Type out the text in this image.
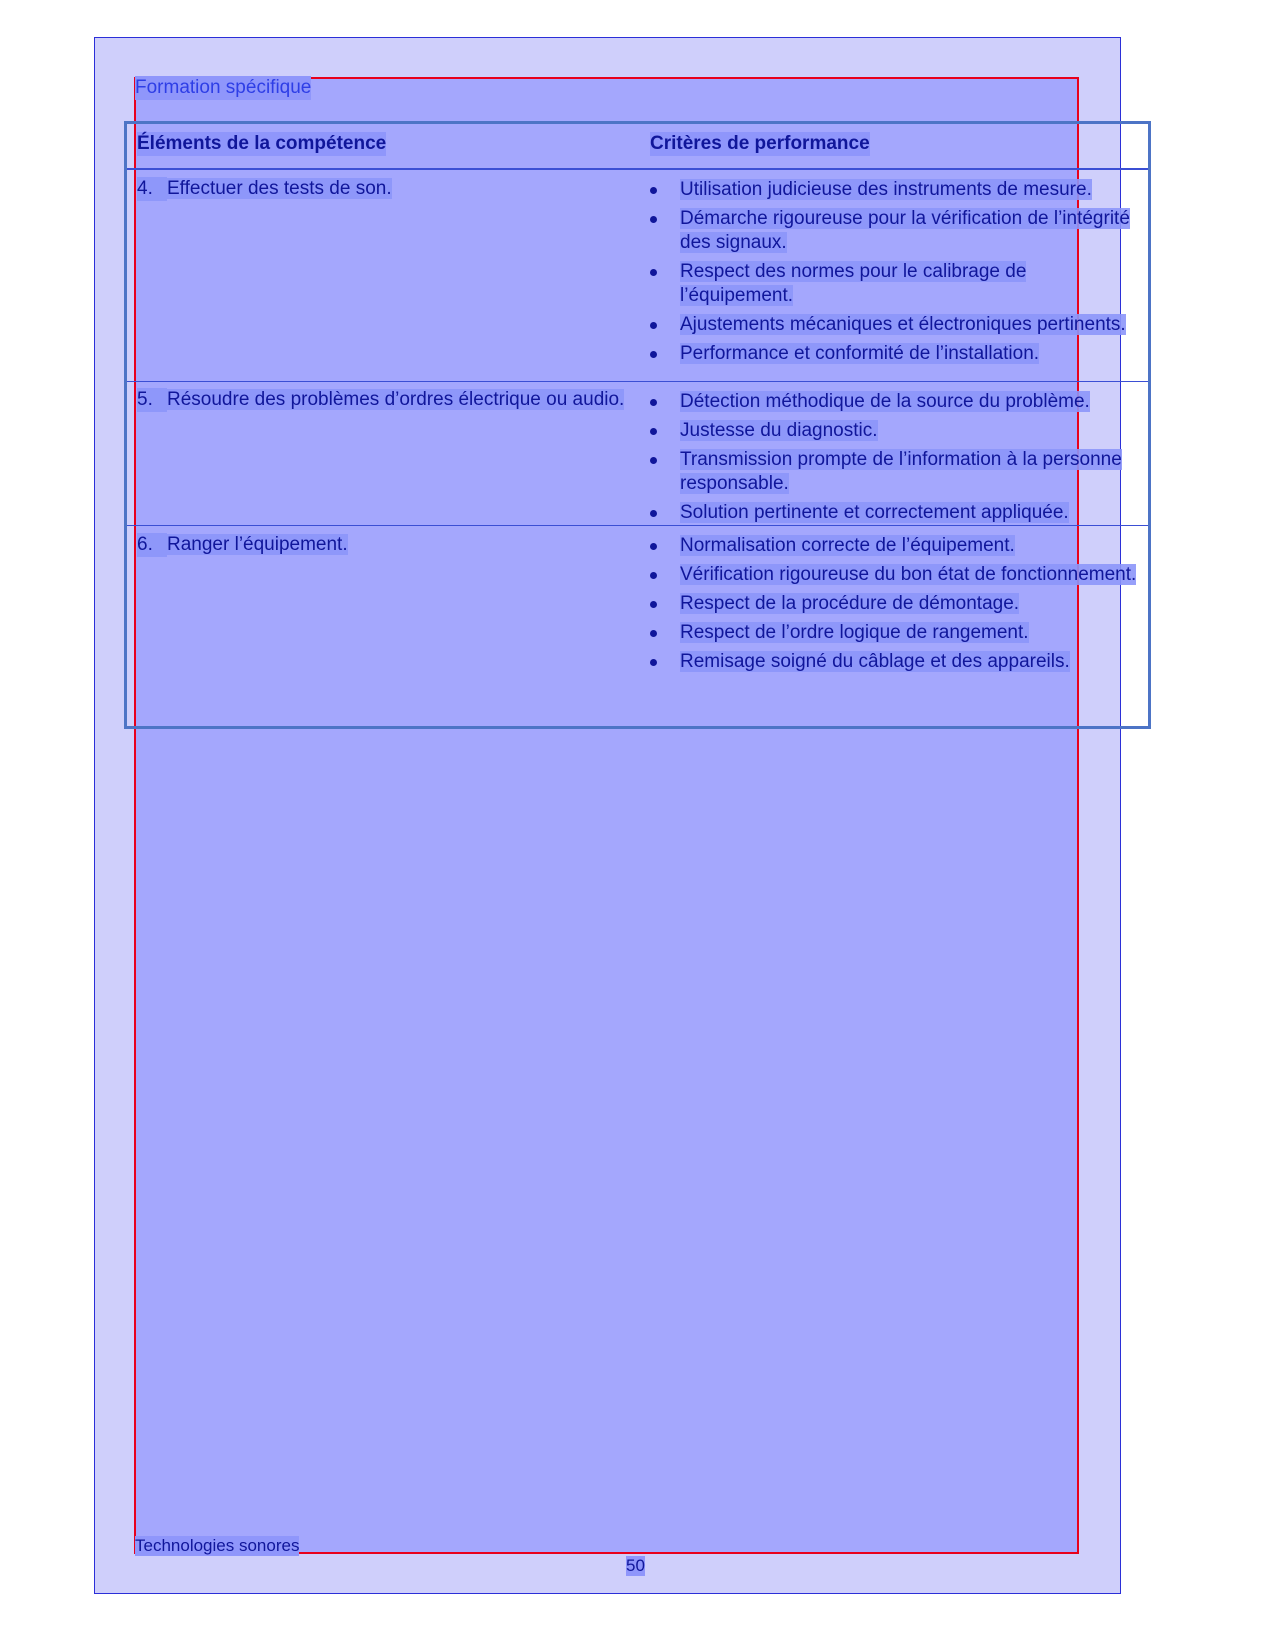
Formation spécifique
Éléments de la compétence	Critères de performance
4. Effectuer des tests de son.	Utilisation judicieuse des instruments de mesure.
Démarche rigoureuse pour la vérification de l’intégrité des signaux.
Respect des normes pour le calibrage de l’équipement.
Ajustements mécaniques et électroniques pertinents.
Performance et conformité de l’installation.
5. Résoudre des problèmes d’ordres électrique ou audio.	Détection méthodique de la source du problème.
Justesse du diagnostic.
Transmission prompte de l’information à la personne responsable.
Solution pertinente et correctement appliquée.
6. Ranger l’équipement.	Normalisation correcte de l’équipement.
Vérification rigoureuse du bon état de fonctionnement.
Respect de la procédure de démontage.
Respect de l’ordre logique de rangement.
Remisage soigné du câblage et des appareils.
Technologies sonores
50
